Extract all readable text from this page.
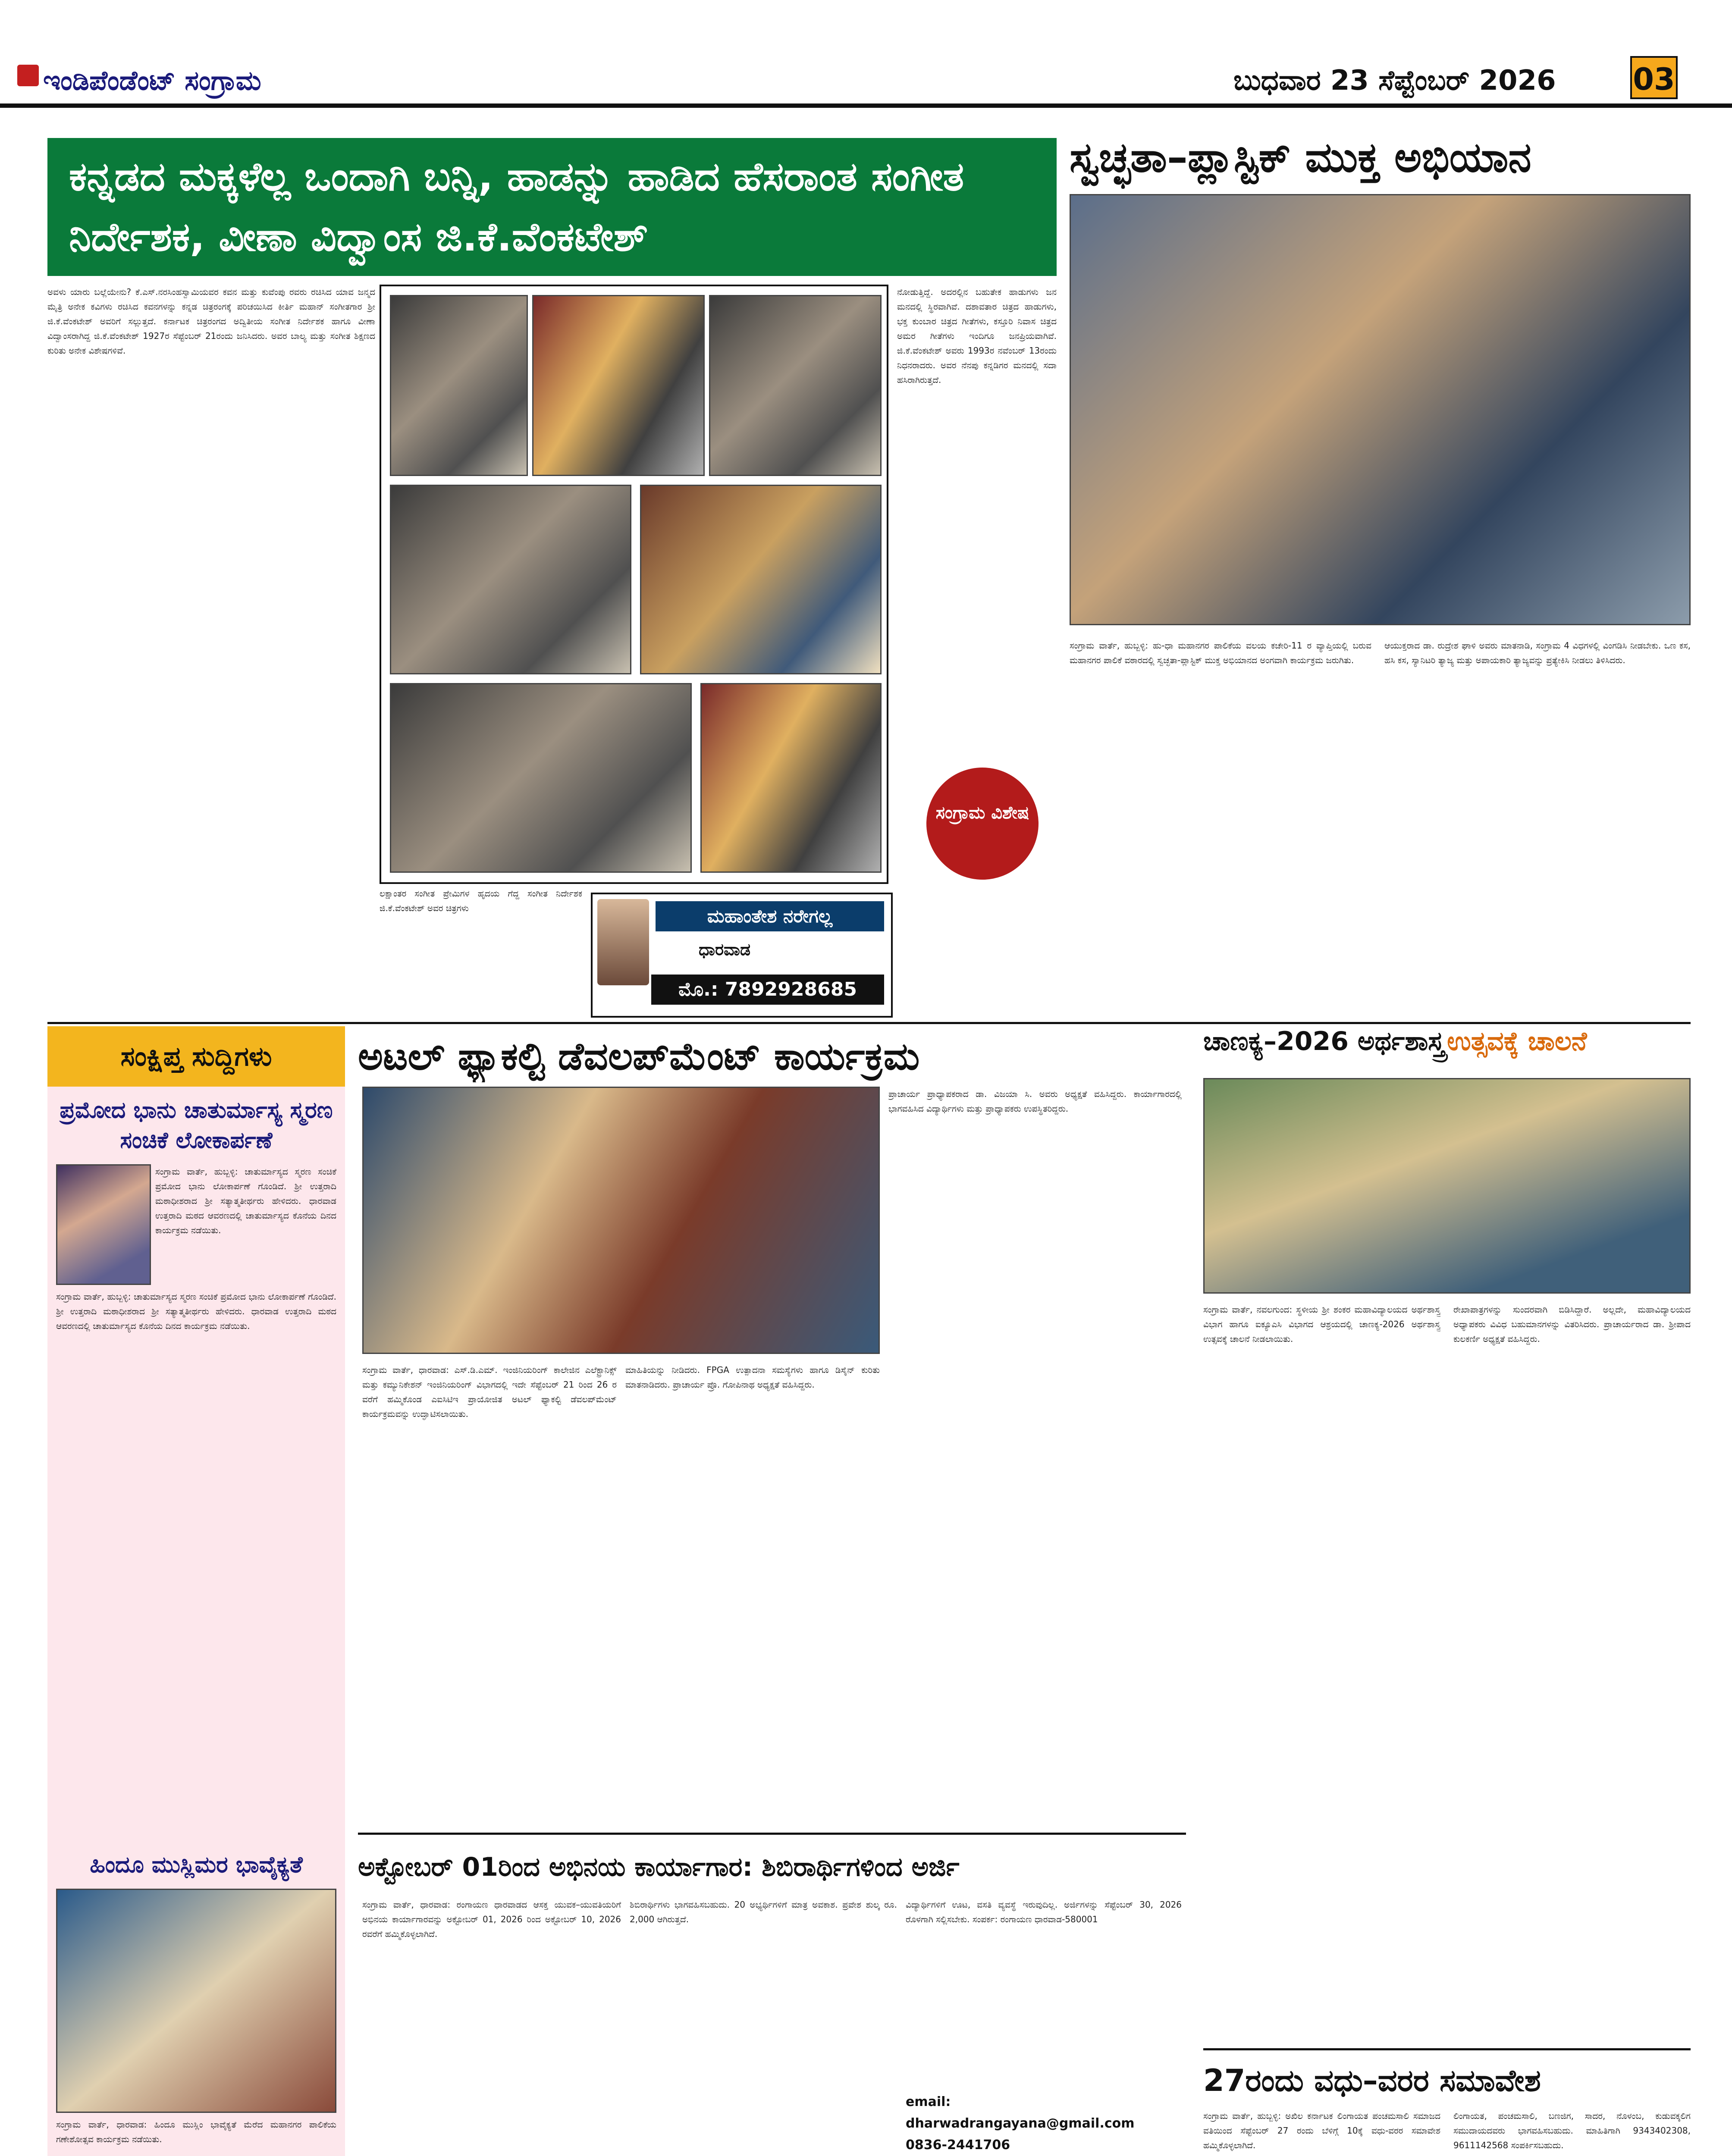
ಇಂಡಿಪೆಂಡೆಂಟ್ ಸಂಗ್ರಾಮ	ಬುಧವಾರ 23 ಸೆಪ್ಟೆಂಬರ್ 2026	03
ಕನ್ನಡದ ಮಕ್ಕಳೆಲ್ಲ ಒಂದಾಗಿ ಬನ್ನಿ, ಹಾಡನ್ನು ಹಾಡಿದ ಹೆಸರಾಂತ ಸಂಗೀತ ನಿರ್ದೇಶಕ, ವೀಣಾ ವಿದ್ವಾಂಸ ಜಿ.ಕೆ.ವೆಂಕಟೇಶ್
ಅವಳು ಯಾರು ಬಲ್ಲೆಯೇನು? ಕೆ.ಎಸ್.ನರಸಿಂಹಸ್ವಾಮಿಯವರ ಕವನ ಮತ್ತು ಕುವೆಂಪು ರವರು ರಚಿಸಿದ ಯಾವ ಜನ್ಮದ ಮೈತ್ರಿ ಅನೇಕ ಕವಿಗಳು ರಚಿಸಿದ ಕವನಗಳನ್ನು ಕನ್ನಡ ಚಿತ್ರರಂಗಕ್ಕೆ ಪರಿಚಯಿಸಿದ ಕೀರ್ತಿ ಮಹಾನ್ ಸಂಗೀತಗಾರ ಶ್ರೀ ಜಿ.ಕೆ.ವೆಂಕಟೇಶ್ ಅವರಿಗೆ ಸಲ್ಲುತ್ತದೆ. ಕರ್ನಾಟಕ ಚಿತ್ರರಂಗದ ಅದ್ವಿತೀಯ ಸಂಗೀತ ನಿರ್ದೇಶಕ ಹಾಗೂ ವೀಣಾ ವಿದ್ವಾಂಸರಾಗಿದ್ದ ಜಿ.ಕೆ.ವೆಂಕಟೇಶ್ 1927ರ ಸೆಪ್ಟೆಂಬರ್ 21ರಂದು ಜನಿಸಿದರು. ಅವರ ಬಾಲ್ಯ ಮತ್ತು ಸಂಗೀತ ಶಿಕ್ಷಣದ ಕುರಿತು ಅನೇಕ ವಿಶೇಷಗಳಿವೆ.
ಸಂಗ್ರಾಮ ವಿಶೇಷ
ಲಕ್ಷಾಂತರ ಸಂಗೀತ ಪ್ರೇಮಿಗಳ ಹೃದಯ ಗೆದ್ದ ಸಂಗೀತ ನಿರ್ದೇಶಕ ಜಿ.ಕೆ.ವೆಂಕಟೇಶ್ ಅವರ ಚಿತ್ರಗಳು
ನೋಡುತ್ತಿದ್ದೆ. ಅದರಲ್ಲಿನ ಬಹುತೇಕ ಹಾಡುಗಳು ಜನ ಮನದಲ್ಲಿ ಸ್ಥಿರವಾಗಿವೆ. ದಶಾವತಾರ ಚಿತ್ರದ ಹಾಡುಗಳು, ಭಕ್ತ ಕುಂಬಾರ ಚಿತ್ರದ ಗೀತೆಗಳು, ಕಸ್ತೂರಿ ನಿವಾಸ ಚಿತ್ರದ ಅಮರ ಗೀತೆಗಳು ಇಂದಿಗೂ ಜನಪ್ರಿಯವಾಗಿವೆ. ಜಿ.ಕೆ.ವೆಂಕಟೇಶ್ ಅವರು 1993ರ ನವೆಂಬರ್ 13ರಂದು ನಿಧನರಾದರು. ಅವರ ನೆನಪು ಕನ್ನಡಿಗರ ಮನದಲ್ಲಿ ಸದಾ ಹಸಿರಾಗಿರುತ್ತದೆ.
ಮಹಾಂತೇಶ ನರೇಗಲ್ಲ
ಧಾರವಾಡ
ಮೊ.: 7892928685
ಸ್ವಚ್ಛತಾ–ಪ್ಲಾಸ್ಟಿಕ್ ಮುಕ್ತ ಅಭಿಯಾನ
ಸಂಗ್ರಾಮ ವಾರ್ತೆ, ಹುಬ್ಬಳ್ಳಿ: ಹು-ಧಾ ಮಹಾನಗರ ಪಾಲಿಕೆಯ ವಲಯ ಕಚೇರಿ-11 ರ ವ್ಯಾಪ್ತಿಯಲ್ಲಿ ಬರುವ ಮಹಾನಗರ ಪಾಲಿಕೆ ವಠಾರದಲ್ಲಿ ಸ್ವಚ್ಛತಾ-ಪ್ಲಾಸ್ಟಿಕ್ ಮುಕ್ತ ಅಭಿಯಾನದ ಅಂಗವಾಗಿ ಕಾರ್ಯಕ್ರಮ ಜರುಗಿತು.
ಆಯುಕ್ತರಾದ ಡಾ. ರುದ್ರೇಶ ಘಾಳಿ ಅವರು ಮಾತನಾಡಿ, ಸಂಗ್ರಾಮ 4 ವಿಧಗಳಲ್ಲಿ ವಿಂಗಡಿಸಿ ನೀಡಬೇಕು. ಒಣ ಕಸ, ಹಸಿ ಕಸ, ಸ್ಯಾನಿಟರಿ ತ್ಯಾಜ್ಯ ಮತ್ತು ಅಪಾಯಕಾರಿ ತ್ಯಾಜ್ಯವನ್ನು ಪ್ರತ್ಯೇಕಿಸಿ ನೀಡಲು ತಿಳಿಸಿದರು.
ಸಂಕ್ಷಿಪ್ತ ಸುದ್ದಿಗಳು
ಪ್ರಮೋದ ಭಾನು ಚಾತುರ್ಮಾಸ್ಯ ಸ್ಮರಣ ಸಂಚಿಕೆ ಲೋಕಾರ್ಪಣೆ
ಸಂಗ್ರಾಮ ವಾರ್ತೆ, ಹುಬ್ಬಳ್ಳಿ: ಚಾತುರ್ಮಾಸ್ಯದ ಸ್ಮರಣ ಸಂಚಿಕೆ ಪ್ರಮೋದ ಭಾನು ಲೋಕಾರ್ಪಣೆ ಗೊಂಡಿದೆ. ಶ್ರೀ ಉತ್ತರಾದಿ ಮಠಾಧೀಶರಾದ ಶ್ರೀ ಸತ್ಯಾತ್ಮತೀರ್ಥರು ಹೇಳಿದರು. ಧಾರವಾಡ ಉತ್ತರಾದಿ ಮಠದ ಆವರಣದಲ್ಲಿ ಚಾತುರ್ಮಾಸ್ಯದ ಕೊನೆಯ ದಿನದ ಕಾರ್ಯಕ್ರಮ ನಡೆಯಿತು.
ಸಂಗ್ರಾಮ ವಾರ್ತೆ, ಹುಬ್ಬಳ್ಳಿ: ಚಾತುರ್ಮಾಸ್ಯದ ಸ್ಮರಣ ಸಂಚಿಕೆ ಪ್ರಮೋದ ಭಾನು ಲೋಕಾರ್ಪಣೆ ಗೊಂಡಿದೆ. ಶ್ರೀ ಉತ್ತರಾದಿ ಮಠಾಧೀಶರಾದ ಶ್ರೀ ಸತ್ಯಾತ್ಮತೀರ್ಥರು ಹೇಳಿದರು. ಧಾರವಾಡ ಉತ್ತರಾದಿ ಮಠದ ಆವರಣದಲ್ಲಿ ಚಾತುರ್ಮಾಸ್ಯದ ಕೊನೆಯ ದಿನದ ಕಾರ್ಯಕ್ರಮ ನಡೆಯಿತು.
ಹಿಂದೂ ಮುಸ್ಲಿಮರ ಭಾವೈಕ್ಯತೆ
ಸಂಗ್ರಾಮ ವಾರ್ತೆ, ಧಾರವಾಡ: ಹಿಂದೂ ಮುಸ್ಲಿಂ ಭಾವೈಕ್ಯತೆ ಮೆರೆದ ಮಹಾನಗರ ಪಾಲಿಕೆಯ ಗಣೇಶೋತ್ಸವ ಕಾರ್ಯಕ್ರಮ ನಡೆಯಿತು.
ಅಟಲ್ ಫ್ಯಾಕಲ್ಟಿ ಡೆವಲಪ್‌ಮೆಂಟ್ ಕಾರ್ಯಕ್ರಮ
ಸಂಗ್ರಾಮ ವಾರ್ತೆ, ಧಾರವಾಡ: ಎಸ್.ಡಿ.ಎಮ್. ಇಂಜಿನಿಯರಿಂಗ್ ಕಾಲೇಜಿನ ಎಲೆಕ್ಟ್ರಾನಿಕ್ಸ್ ಮತ್ತು ಕಮ್ಯುನಿಕೇಶನ್ ಇಂಜಿನಿಯರಿಂಗ್ ವಿಭಾಗದಲ್ಲಿ ಇದೇ ಸೆಪ್ಟೆಂಬರ್ 21 ರಿಂದ 26 ರ ವರೆಗೆ ಹಮ್ಮಿಕೊಂಡ ಎಐಸಿಟಿಇ ಪ್ರಾಯೋಜಿತ ಅಟಲ್ ಫ್ಯಾಕಲ್ಟಿ ಡೆವಲಪ್‌ಮೆಂಟ್ ಕಾರ್ಯಕ್ರಮವನ್ನು ಉದ್ಘಾಟಿಸಲಾಯಿತು.
ಮಾಹಿತಿಯನ್ನು ನೀಡಿದರು. FPGA ಉತ್ಪಾದನಾ ಸಮಸ್ಯೆಗಳು ಹಾಗೂ ಡಿಸೈನ್ ಕುರಿತು ಮಾತನಾಡಿದರು. ಪ್ರಾಚಾರ್ಯ ಪ್ರೊ. ಗೋಪಿನಾಥ ಅಧ್ಯಕ್ಷತೆ ವಹಿಸಿದ್ದರು.
ಪ್ರಾಚಾರ್ಯ ಪ್ರಾಧ್ಯಾಪಕರಾದ ಡಾ. ವಿಜಯಾ ಸಿ. ಅವರು ಅಧ್ಯಕ್ಷತೆ ವಹಿಸಿದ್ದರು. ಕಾರ್ಯಾಗಾರದಲ್ಲಿ ಭಾಗವಹಿಸಿದ ವಿದ್ಯಾರ್ಥಿಗಳು ಮತ್ತು ಪ್ರಾಧ್ಯಾಪಕರು ಉಪಸ್ಥಿತರಿದ್ದರು.
ಚಾಣಕ್ಯ–2026 ಅರ್ಥಶಾಸ್ತ್ರ ಉತ್ಸವಕ್ಕೆ ಚಾಲನೆ
ಸಂಗ್ರಾಮ ವಾರ್ತೆ, ನವಲಗುಂದ: ಸ್ಥಳೀಯ ಶ್ರೀ ಶಂಕರ ಮಹಾವಿದ್ಯಾಲಯದ ಅರ್ಥಶಾಸ್ತ್ರ ವಿಭಾಗ ಹಾಗೂ ಐಕ್ಯೂಎಸಿ ವಿಭಾಗದ ಆಶ್ರಯದಲ್ಲಿ ಚಾಣಕ್ಯ-2026 ಅರ್ಥಶಾಸ್ತ್ರ ಉತ್ಸವಕ್ಕೆ ಚಾಲನೆ ನೀಡಲಾಯಿತು.
ರೇಖಾಪಾತ್ರಗಳನ್ನು ಸುಂದರವಾಗಿ ಬಿಡಿಸಿದ್ದಾರೆ. ಅಲ್ಲದೇ, ಮಹಾವಿದ್ಯಾಲಯದ ಅಧ್ಯಾಪಕರು ವಿವಿಧ ಬಹುಮಾನಗಳನ್ನು ವಿತರಿಸಿದರು. ಪ್ರಾಚಾರ್ಯರಾದ ಡಾ. ಶ್ರೀಪಾದ ಕುಲಕರ್ಣಿ ಅಧ್ಯಕ್ಷತೆ ವಹಿಸಿದ್ದರು.
ಅಕ್ಟೋಬರ್ 01ರಿಂದ ಅಭಿನಯ ಕಾರ್ಯಾಗಾರ: ಶಿಬಿರಾರ್ಥಿಗಳಿಂದ ಅರ್ಜಿ
ಸಂಗ್ರಾಮ ವಾರ್ತೆ, ಧಾರವಾಡ: ರಂಗಾಯಣ ಧಾರವಾಡದ ಆಸಕ್ತ ಯುವಕ–ಯುವತಿಯರಿಗೆ ಅಭಿನಯ ಕಾರ್ಯಾಗಾರವನ್ನು ಅಕ್ಟೋಬರ್ 01, 2026 ರಿಂದ ಅಕ್ಟೋಬರ್ 10, 2026 ರವರೆಗೆ ಹಮ್ಮಿಕೊಳ್ಳಲಾಗಿದೆ.
ಶಿಬಿರಾರ್ಥಿಗಳು ಭಾಗವಹಿಸಬಹುದು. 20 ಅಭ್ಯರ್ಥಿಗಳಿಗೆ ಮಾತ್ರ ಅವಕಾಶ. ಪ್ರವೇಶ ಶುಲ್ಕ ರೂ. 2,000 ಆಗಿರುತ್ತದೆ.
ವಿದ್ಯಾರ್ಥಿಗಳಿಗೆ ಊಟ, ವಸತಿ ವ್ಯವಸ್ಥೆ ಇರುವುದಿಲ್ಲ. ಅರ್ಜಿಗಳನ್ನು ಸೆಪ್ಟೆಂಬರ್ 30, 2026 ರೊಳಗಾಗಿ ಸಲ್ಲಿಸಬೇಕು. ಸಂಪರ್ಕ: ರಂಗಾಯಣ ಧಾರವಾಡ-580001
email: dharwadrangayana@gmail.com
0836-2441706
27ರಂದು ವಧು–ವರರ ಸಮಾವೇಶ
ಸಂಗ್ರಾಮ ವಾರ್ತೆ, ಹುಬ್ಬಳ್ಳಿ: ಅಖಿಲ ಕರ್ನಾಟಕ ಲಿಂಗಾಯತ ಪಂಚಮಸಾಲಿ ಸಮಾಜದ ವತಿಯಿಂದ ಸೆಪ್ಟೆಂಬರ್ 27 ರಂದು ಬೆಳಿಗ್ಗೆ 10ಕ್ಕೆ ವಧು-ವರರ ಸಮಾವೇಶ ಹಮ್ಮಿಕೊಳ್ಳಲಾಗಿದೆ.
ಲಿಂಗಾಯತ, ಪಂಚಮಸಾಲಿ, ಬಣಜಿಗ, ಸಾದರ, ನೊಳಂಬ, ಕುಡುವಕ್ಕಲಿಗ ಸಮುದಾಯದವರು ಭಾಗವಹಿಸಬಹುದು. ಮಾಹಿತಿಗಾಗಿ 9343402308, 9611142568 ಸಂಪರ್ಕಿಸಬಹುದು.
